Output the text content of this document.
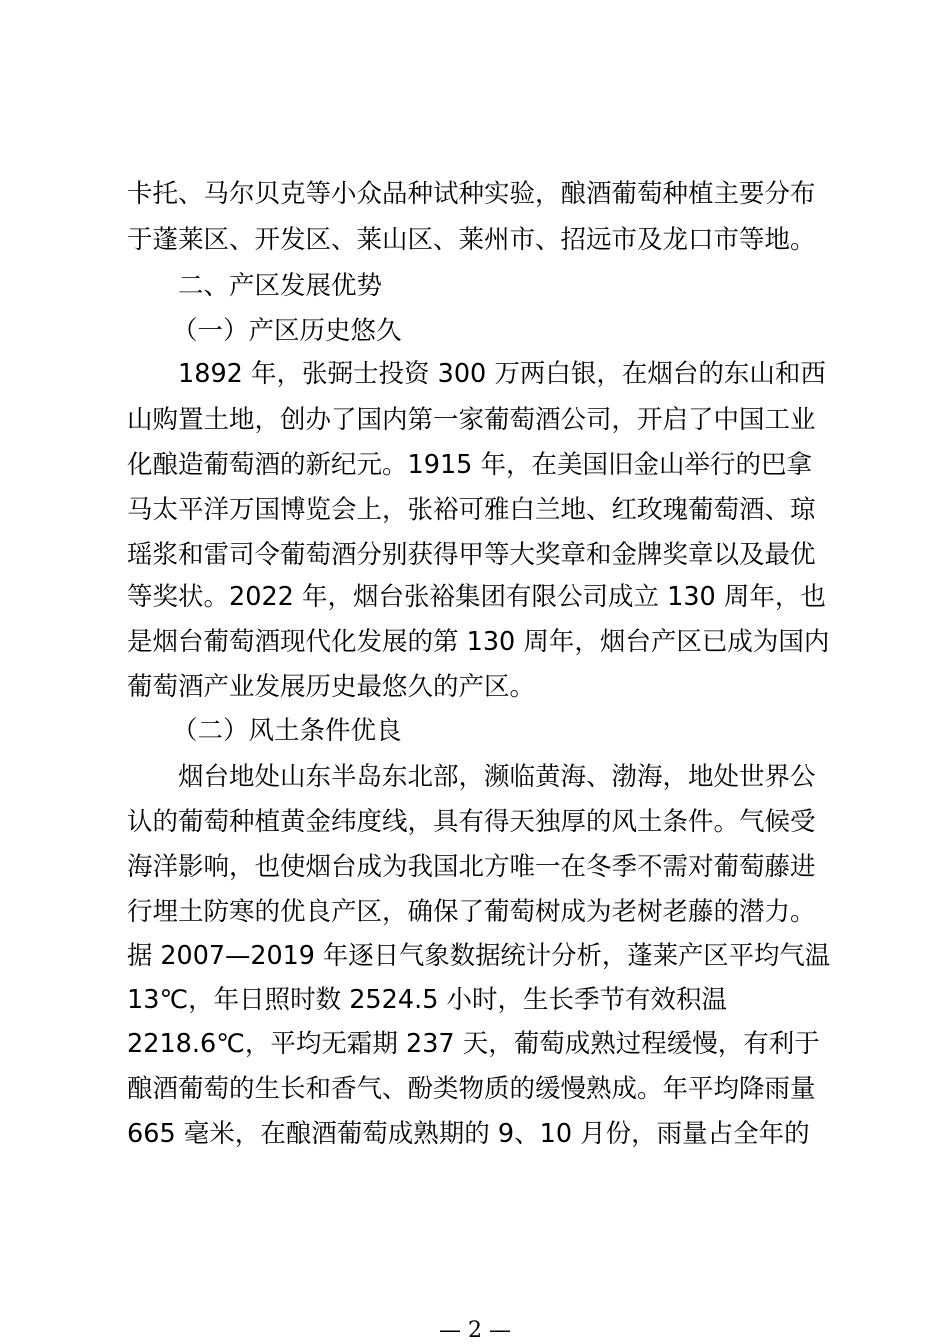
卡托、马尔贝克等小众品种试种实验，酿酒葡萄种植主要分布
于蓬莱区、开发区、莱山区、莱州市、招远市及龙口市等地。
二、产区发展优势
（一）产区历史悠久
1892 年，张弼士投资 300 万两白银，在烟台的东山和西
山购置土地，创办了国内第一家葡萄酒公司，开启了中国工业
化酿造葡萄酒的新纪元。1915 年，在美国旧金山举行的巴拿
马太平洋万国博览会上，张裕可雅白兰地、红玫瑰葡萄酒、琼
瑶浆和雷司令葡萄酒分别获得甲等大奖章和金牌奖章以及最优
等奖状。2022 年，烟台张裕集团有限公司成立 130 周年，也
是烟台葡萄酒现代化发展的第 130 周年，烟台产区已成为国内
葡萄酒产业发展历史最悠久的产区。
（二）风土条件优良
烟台地处山东半岛东北部，濒临黄海、渤海，地处世界公
认的葡萄种植黄金纬度线，具有得天独厚的风土条件。气候受
海洋影响，也使烟台成为我国北方唯一在冬季不需对葡萄藤进
行埋土防寒的优良产区，确保了葡萄树成为老树老藤的潜力。
据 2007—2019 年逐日气象数据统计分析，蓬莱产区平均气温
13℃，年日照时数 2524.5 小时，生长季节有效积温
2218.6℃，平均无霜期 237 天，葡萄成熟过程缓慢，有利于
酿酒葡萄的生长和香气、酚类物质的缓慢熟成。年平均降雨量
665 毫米，在酿酒葡萄成熟期的 9、10 月份，雨量占全年的
— 2 —
